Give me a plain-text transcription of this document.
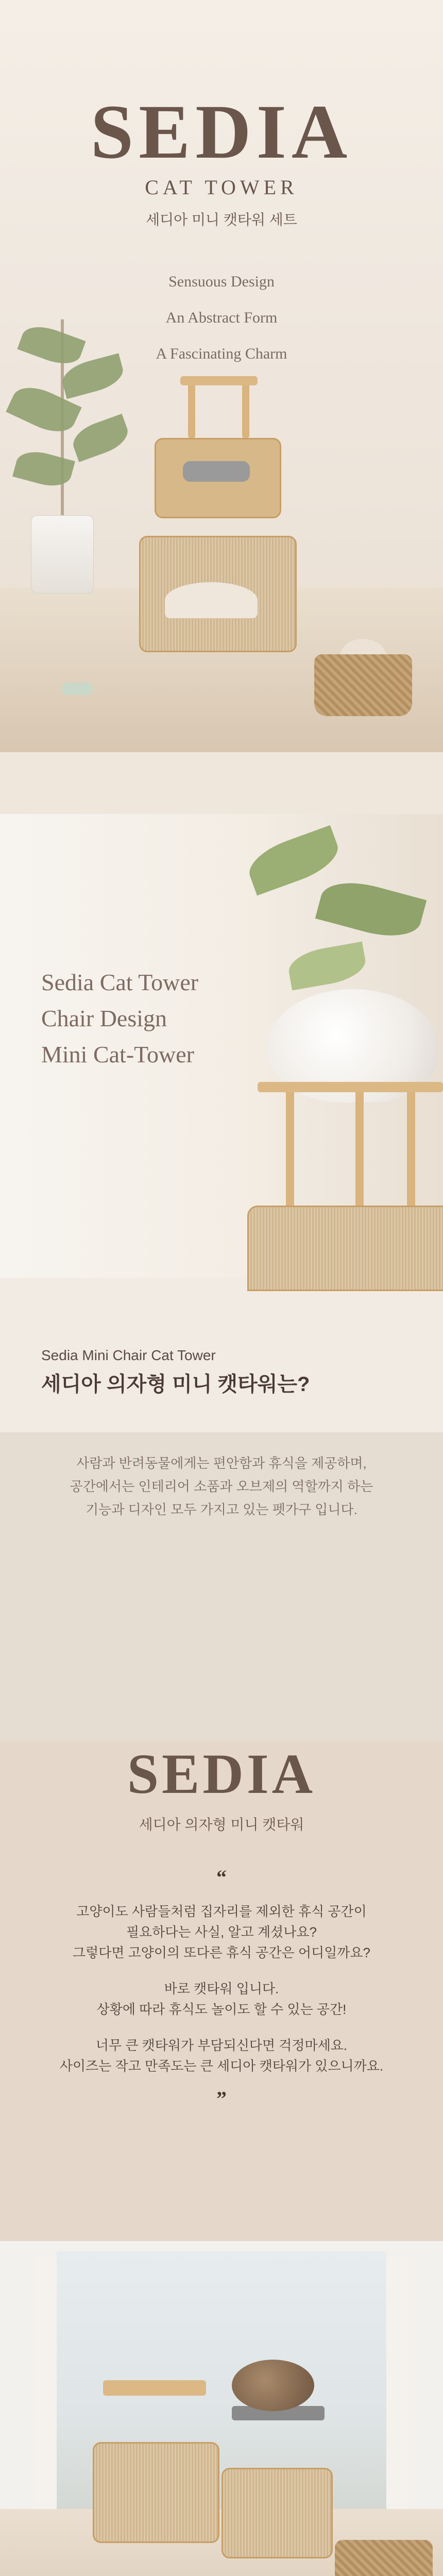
SEDIA
CAT TOWER
세디아 미니 캣타워 세트
Sensuous Design
An Abstract Form
A Fascinating Charm
Sedia Cat Tower
Chair Design
Mini Cat-Tower
Sedia Mini Chair Cat Tower
세디아 의자형 미니 캣타워는?
사람과 반려동물에게는 편안함과 휴식을 제공하며,
공간에서는 인테리어 소품과 오브제의 역할까지 하는
기능과 디자인 모두 가지고 있는 펫가구 입니다.
SEDIA
세디아 의자형 미니 캣타워
“
고양이도 사람들처럼 집자리를 제외한 휴식 공간이
필요하다는 사실, 알고 계셨나요?
그렇다면 고양이의 또다른 휴식 공간은 어디일까요?
바로 캣타워 입니다.
상황에 따라 휴식도 놀이도 할 수 있는 공간!
너무 큰 캣타워가 부담되신다면 걱정마세요.
사이즈는 작고 만족도는 큰 세디아 캣타워가 있으니까요.
”
